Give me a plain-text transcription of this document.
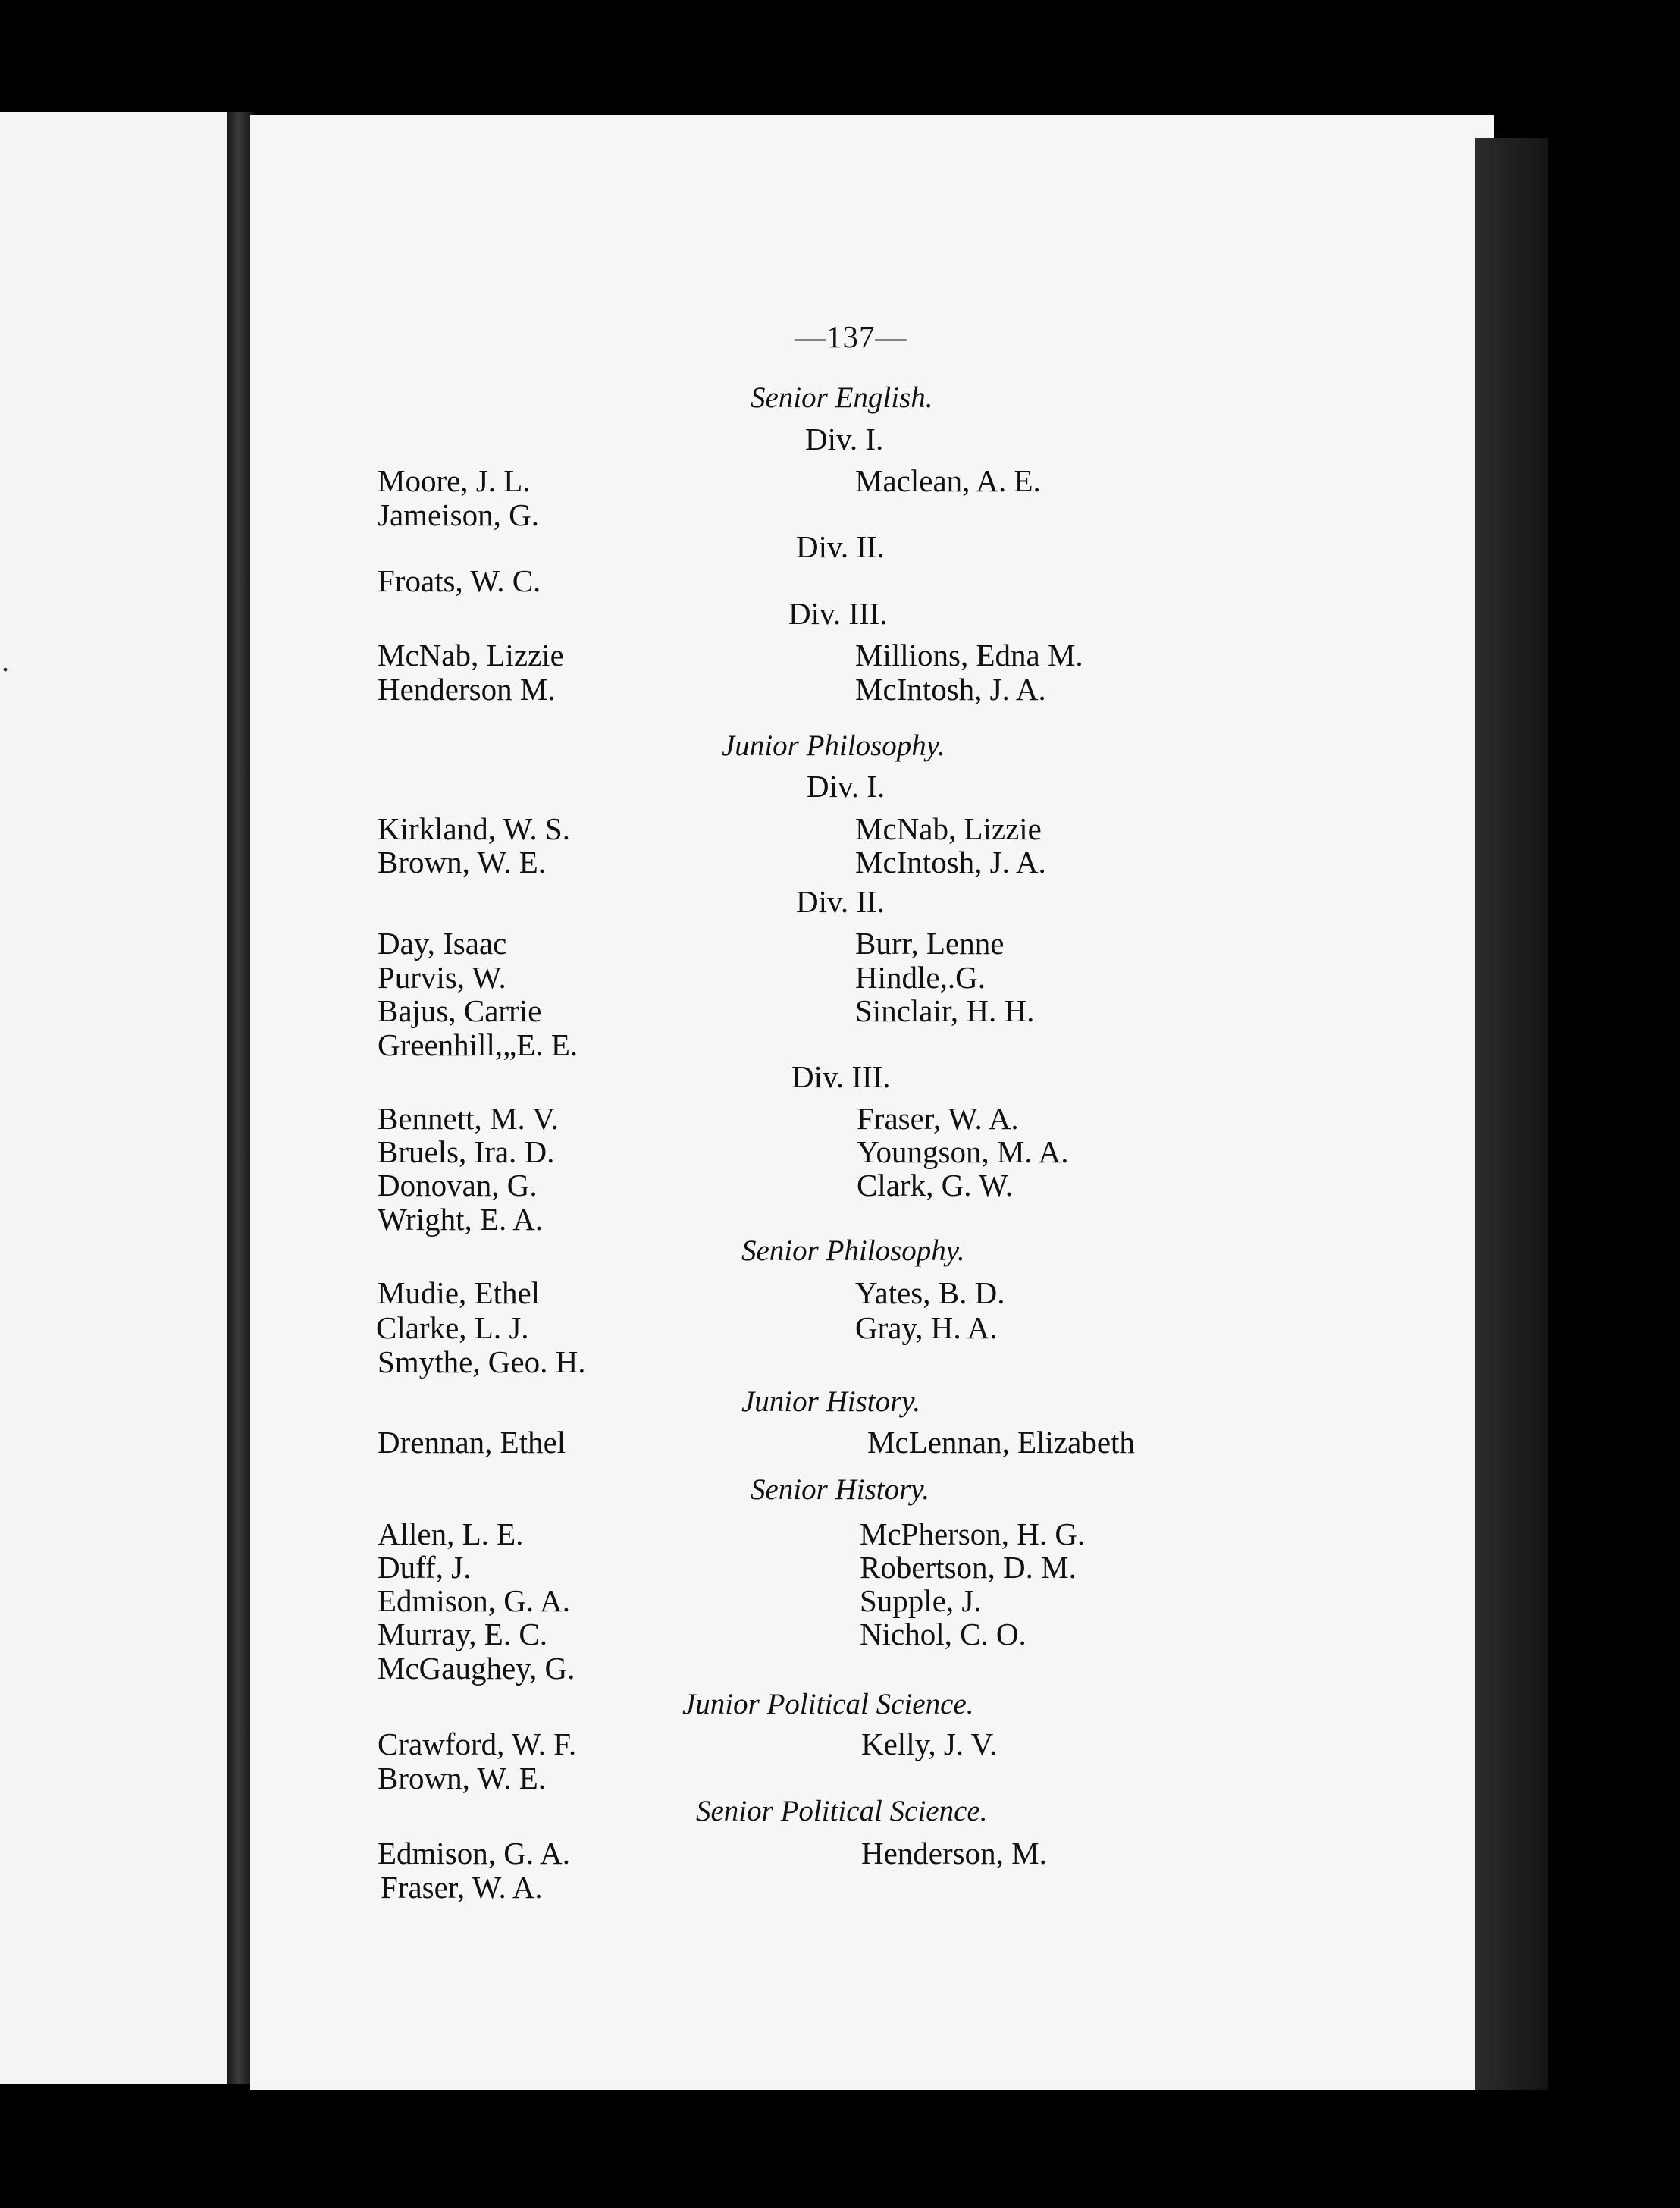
.
—137—
Senior English.
Div. I.
Moore, J. L.	Maclean, A. E.
Jameison, G.
Div. II.
Froats, W. C.
Div. III.
McNab, Lizzie	Millions, Edna M.
Henderson M.	McIntosh, J. A.
Junior Philosophy.
Div. I.
Kirkland, W. S.	McNab, Lizzie
Brown, W. E.	McIntosh, J. A.
Div. II.
Day, Isaac	Burr, Lenne
Purvis, W.	Hindle,.G.
Bajus, Carrie	Sinclair, H. H.
Greenhill,„E. E.
Div. III.
Bennett, M. V.	Fraser, W. A.
Bruels, Ira. D.	Youngson, M. A.
Donovan, G.	Clark, G. W.
Wright, E. A.
Senior Philosophy.
Mudie, Ethel	Yates, B. D.
Clarke, L. J.	Gray, H. A.
Smythe, Geo. H.
Junior History.
Drennan, Ethel	McLennan, Elizabeth
Senior History.
Allen, L. E.	McPherson, H. G.
Duff, J.	Robertson, D. M.
Edmison, G. A.	Supple, J.
Murray, E. C.	Nichol, C. O.
McGaughey, G.
Junior Political Science.
Crawford, W. F.	Kelly, J. V.
Brown, W. E.
Senior Political Science.
Edmison, G. A.	Henderson, M.
Fraser, W. A.
